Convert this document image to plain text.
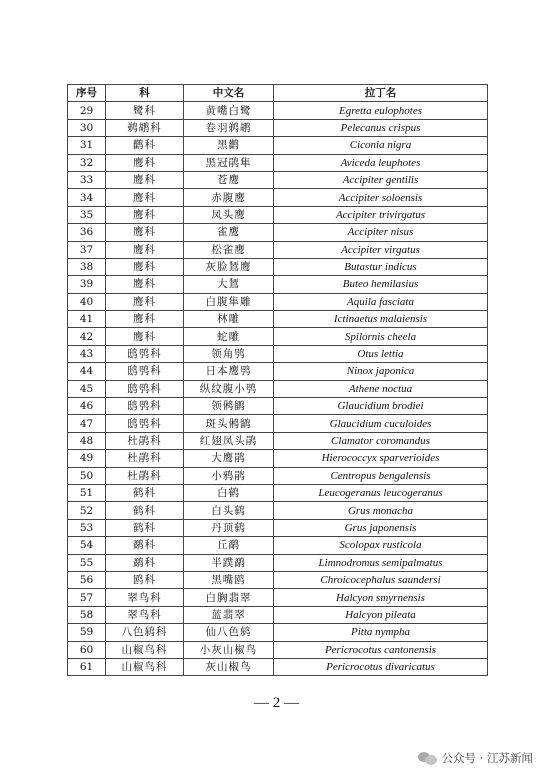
序号	科	中文名	拉丁名
29	鹭科	黄嘴白鹭	Egretta eulophotes
30	鹈鹕科	卷羽鹈鹕	Pelecanus crispus
31	鹳科	黑鹳	Ciconia nigra
32	鹰科	黑冠鹃隼	Aviceda leuphotes
33	鹰科	苍鹰	Accipiter gentilis
34	鹰科	赤腹鹰	Accipiter soloensis
35	鹰科	凤头鹰	Accipiter trivirgatus
36	鹰科	雀鹰	Accipiter nisus
37	鹰科	松雀鹰	Accipiter virgatus
38	鹰科	灰脸鵟鹰	Butastur indicus
39	鹰科	大鵟	Buteo hemilasius
40	鹰科	白腹隼雕	Aquila fasciata
41	鹰科	林雕	Ictinaetus malaiensis
42	鹰科	蛇雕	Spilornis cheela
43	鸱鸮科	领角鸮	Otus lettia
44	鸱鸮科	日本鹰鸮	Ninox japonica
45	鸱鸮科	纵纹腹小鸮	Athene noctua
46	鸱鸮科	领鸺鹠	Glaucidium brodiei
47	鸱鸮科	斑头鸺鹠	Glaucidium cuculoides
48	杜鹃科	红翅凤头鹃	Clamator coromandus
49	杜鹃科	大鹰鹃	Hierococcyx sparverioides
50	杜鹃科	小鸦鹃	Centropus bengalensis
51	鹤科	白鹤	Leucogeranus leucogeranus
52	鹤科	白头鹤	Grus monacha
53	鹤科	丹顶鹤	Grus japonensis
54	鹬科	丘鹬	Scolopax rusticola
55	鹬科	半蹼鹬	Limnodromus semipalmatus
56	鸥科	黑嘴鸥	Chroicocephalus saundersi
57	翠鸟科	白胸翡翠	Halcyon smyrnensis
58	翠鸟科	蓝翡翠	Halcyon pileata
59	八色鸫科	仙八色鸫	Pitta nympha
60	山椒鸟科	小灰山椒鸟	Pericrocotus cantonensis
61	山椒鸟科	灰山椒鸟	Pericrocotus divaricatus
— 2 —
公众号 · 江苏新闻
